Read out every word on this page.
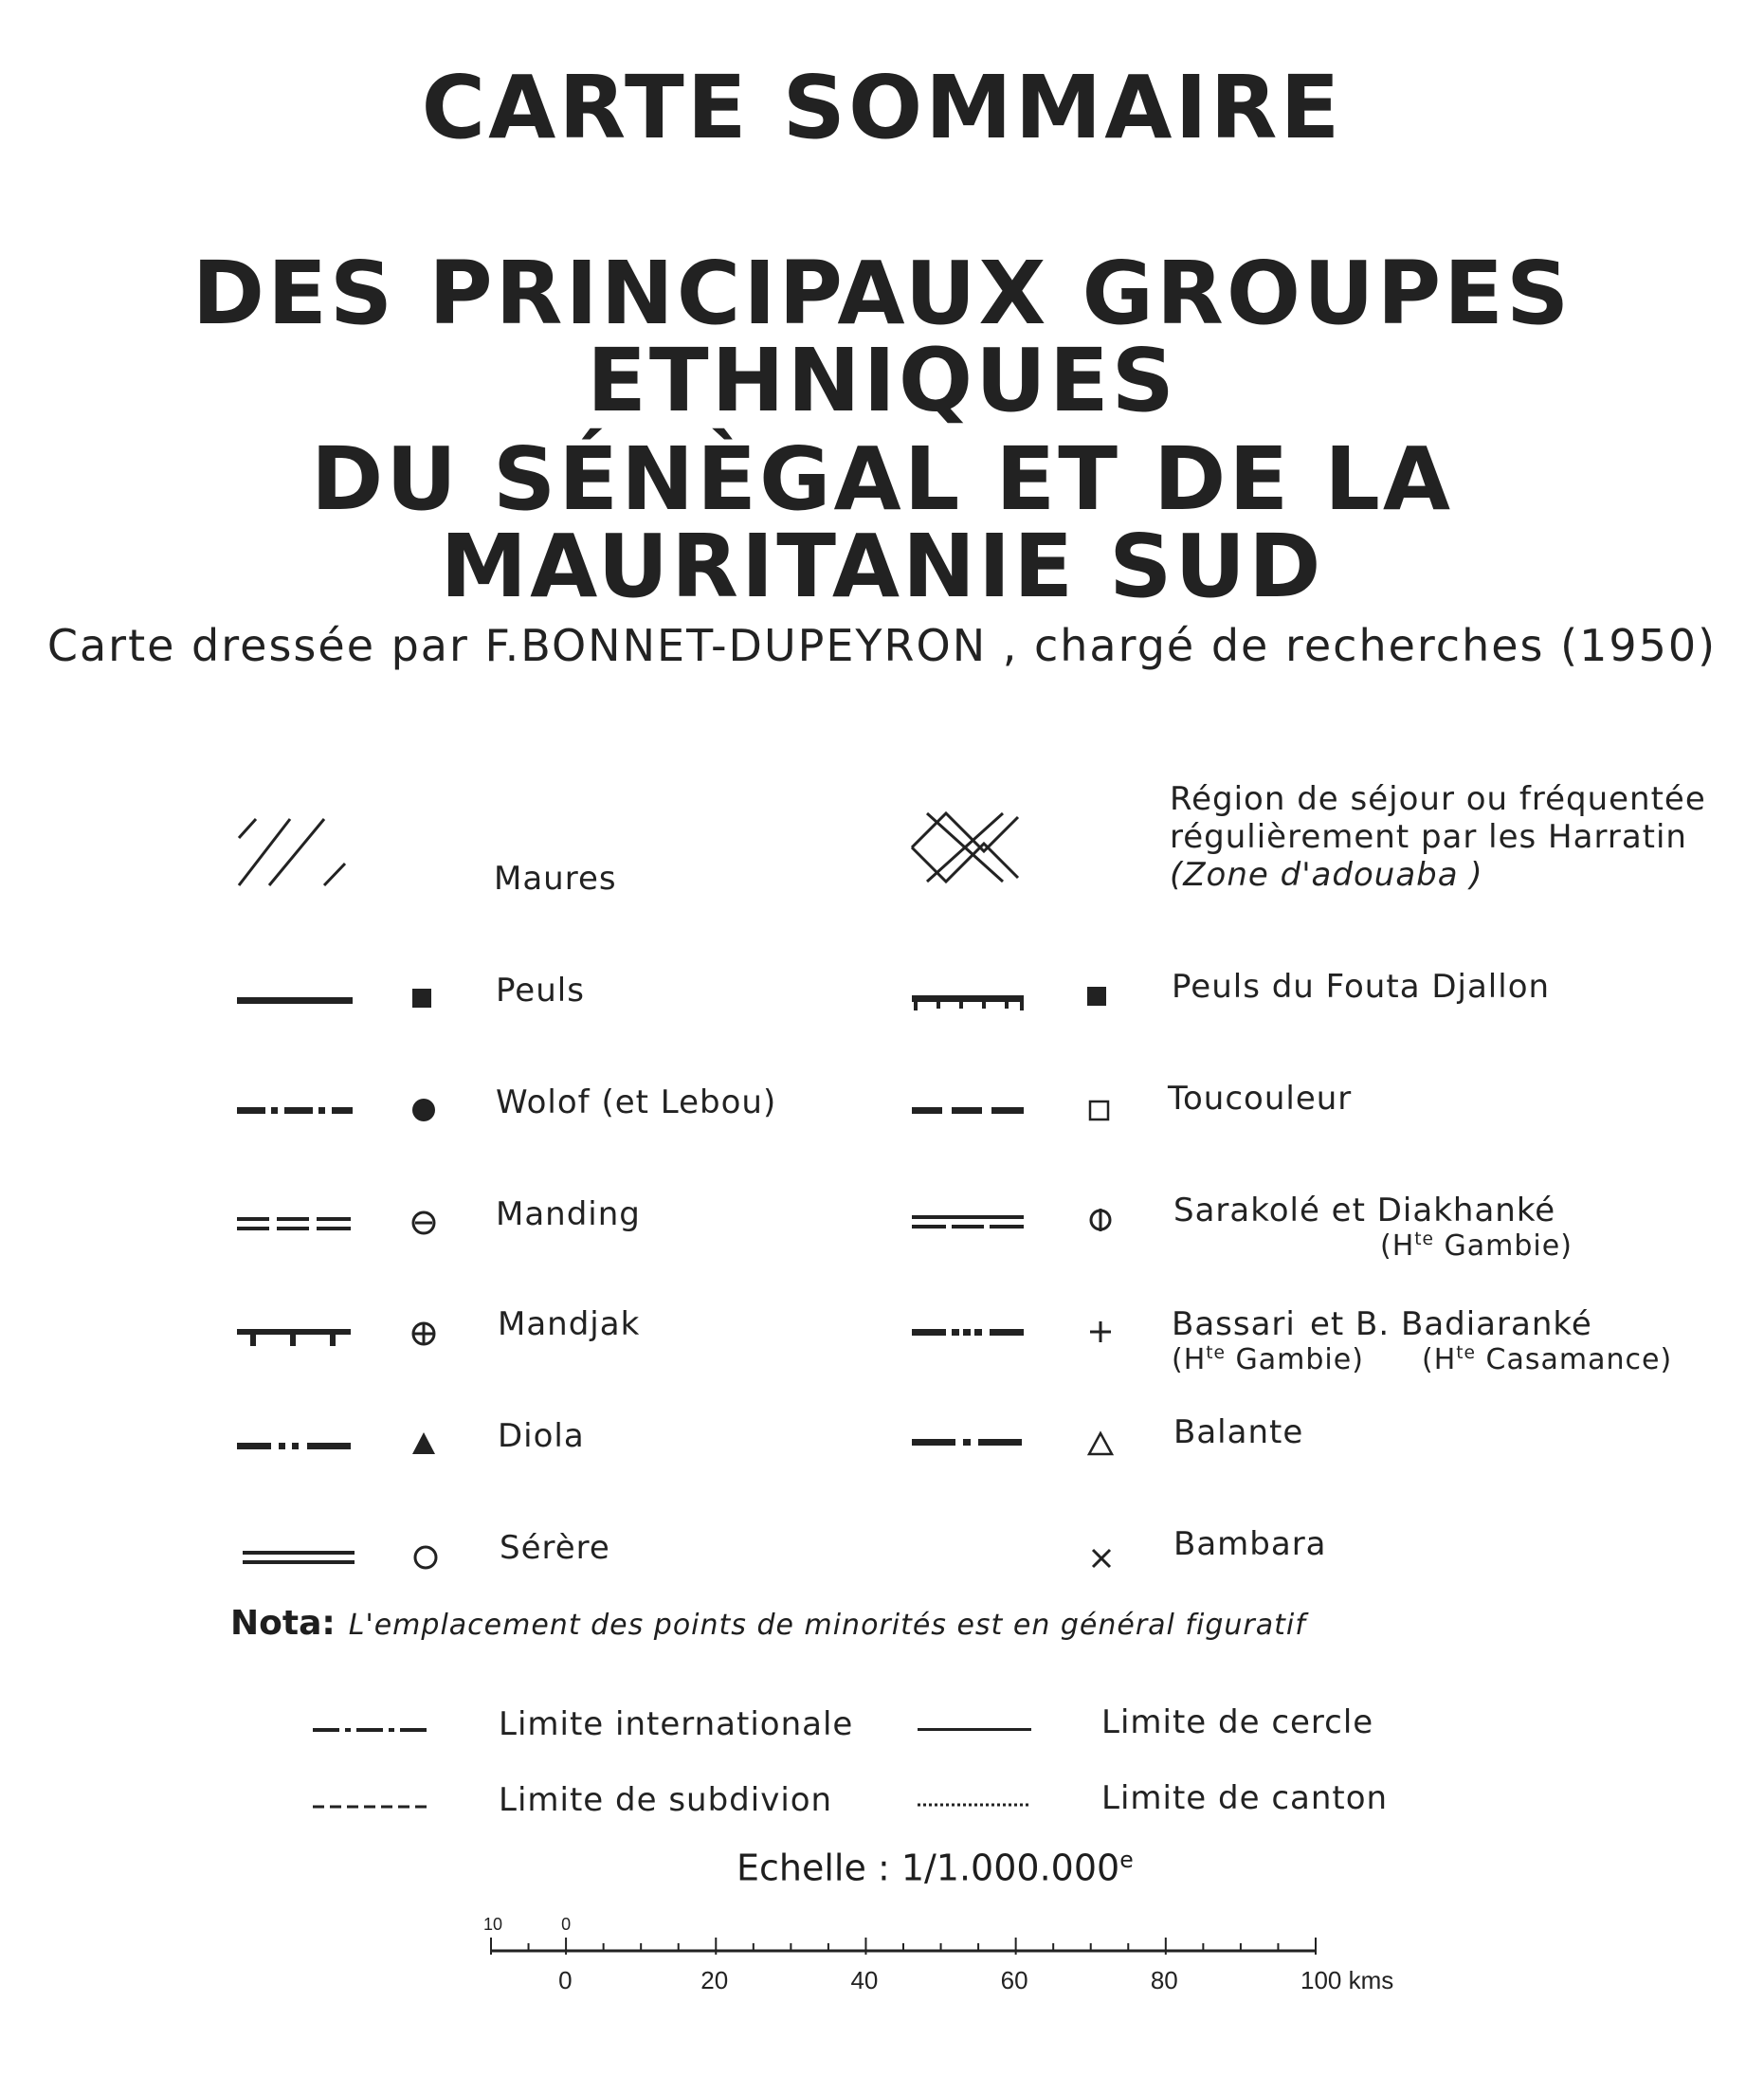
CARTE SOMMAIRE
DES PRINCIPAUX GROUPES ETHNIQUES
DU SÉNÈGAL ET DE LA MAURITANIE SUD
Carte dressée par F.BONNET-DUPEYRON , chargé de recherches (1950)
Maures
Peuls
Wolof (et Lebou)
Manding
Mandjak
Diola
Sérère
Région de séjour ou fréquentée
régulièrement par les Harratin
(Zone d'adouaba )
Peuls du Fouta Djallon
Toucouleur
Sarakolé et Diakhanké
($H^{te}$ Gambie)
Bassari et B. Badiaranké
($H^{te}$ Gambie) ($H^{te}$ Casamance)
Balante
Bambara
Nota: L'emplacement des points de minorités est en général figuratif
Limite internationale	Limite de cercle
Limite de subdivion	Limite de canton
Echelle : 1/1.000.000e
10	0
0	20	40	60	80	100 kms
